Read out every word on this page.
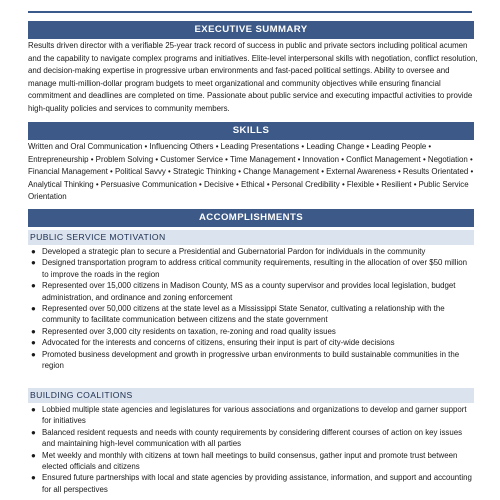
EXECUTIVE SUMMARY
Results driven director with a verifiable 25-year track record of success in public and private sectors including political acumen and the capability to navigate complex programs and initiatives. Elite-level interpersonal skills with negotiation, conflict resolution, and decision-making expertise in progressive urban environments and fast-paced political settings. Ability to oversee and manage multi-million-dollar program budgets to meet organizational and community objectives while ensuring financial commitment and deadlines are completed on time. Passionate about public service and executing impactful activities to provide high-quality policies and services to community members.
SKILLS
Written and Oral Communication • Influencing Others • Leading Presentations • Leading Change • Leading People • Entrepreneurship • Problem Solving • Customer Service • Time Management • Innovation • Conflict Management • Negotiation • Financial Management • Political Savvy • Strategic Thinking • Change Management • External Awareness • Results Orientated • Analytical Thinking • Persuasive Communication • Decisive • Ethical • Personal Credibility • Flexible • Resilient • Public Service Orientation
ACCOMPLISHMENTS
PUBLIC SERVICE MOTIVATION
● Developed a strategic plan to secure a Presidential and Gubernatorial Pardon for individuals in the community
● Designed transportation program to address critical community requirements, resulting in the allocation of over $50 million to improve the roads in the region
● Represented over 15,000 citizens in Madison County, MS as a county supervisor and provides local legislation, budget administration, and ordinance and zoning enforcement
● Represented over 50,000 citizens at the state level as a Mississippi State Senator, cultivating a relationship with the community to facilitate communication between citizens and the state government
● Represented over 3,000 city residents on taxation, re-zoning and road quality issues
● Advocated for the interests and concerns of citizens, ensuring their input is part of city-wide decisions
● Promoted business development and growth in progressive urban environments to build sustainable communities in the region
BUILDING COALITIONS
● Lobbied multiple state agencies and legislatures for various associations and organizations to develop and garner support for initiatives
● Balanced resident requests and needs with county requirements by considering different courses of action on key issues and maintaining high-level communication with all parties
● Met weekly and monthly with citizens at town hall meetings to build consensus, gather input and promote trust between elected officials and citizens
● Ensured future partnerships with local and state agencies by providing assistance, information, and support and accounting for all perspectives
